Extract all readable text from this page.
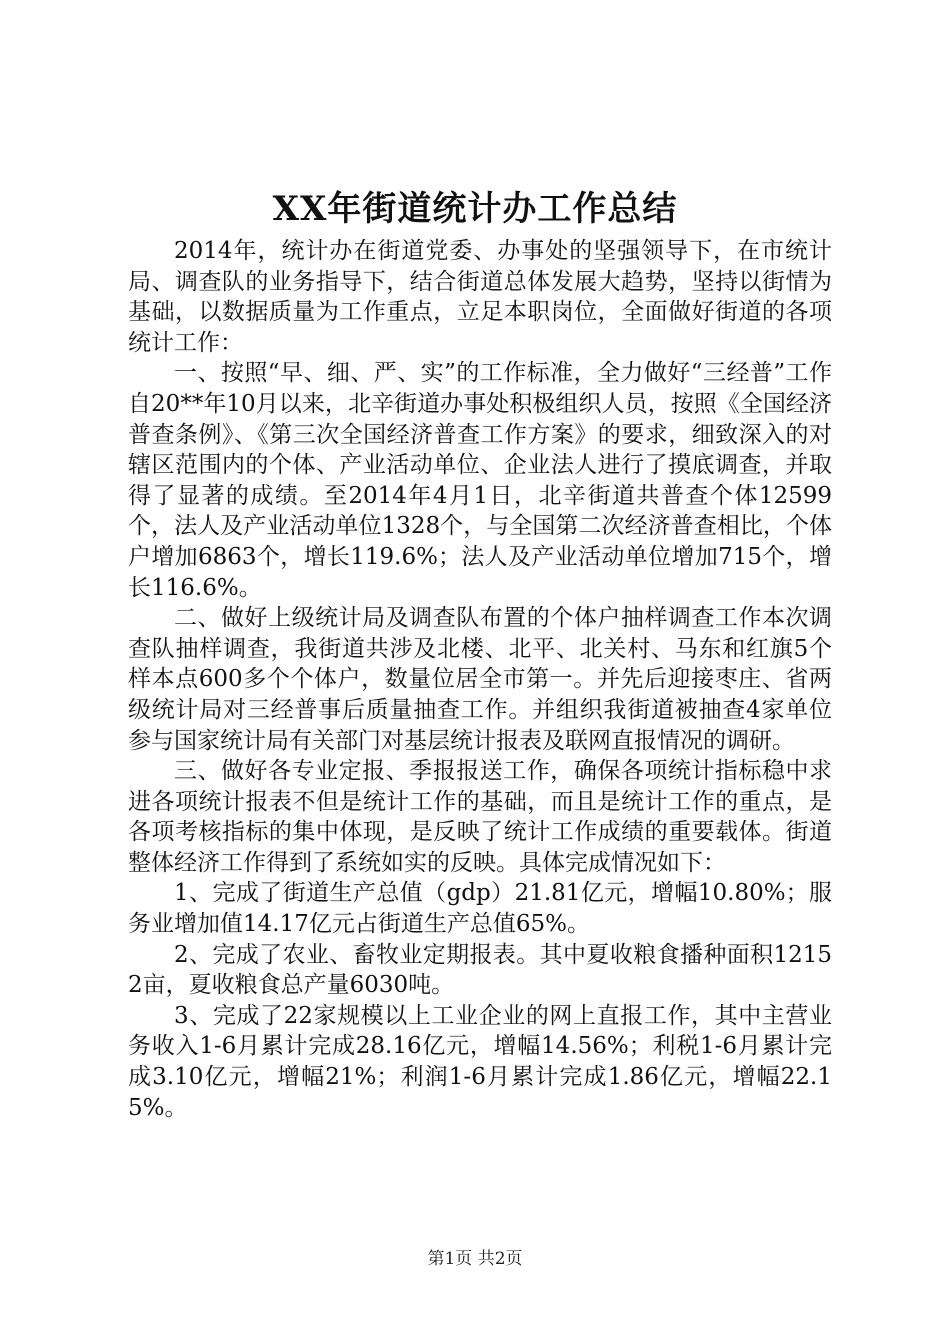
XX年街道统计办工作总结

2014年，统计办在街道党委、办事处的坚强领导下，在市统计局、调查队的业务指导下，结合街道总体发展大趋势，坚持以街情为基础，以数据质量为工作重点，立足本职岗位，全面做好街道的各项统计工作：

一、按照“早、细、严、实”的工作标准，全力做好“三经普”工作自20**年10月以来，北辛街道办事处积极组织人员，按照《全国经济普查条例》、《第三次全国经济普查工作方案》的要求，细致深入的对辖区范围内的个体、产业活动单位、企业法人进行了摸底调查，并取得了显著的成绩。至2014年4月1日，北辛街道共普查个体12599个，法人及产业活动单位1328个，与全国第二次经济普查相比，个体户增加6863个，增长119.6%；法人及产业活动单位增加715个，增长116.6%。

二、做好上级统计局及调查队布置的个体户抽样调查工作本次调查队抽样调查，我街道共涉及北楼、北平、北关村、马东和红旗5个样本点600多个个体户，数量位居全市第一。并先后迎接枣庄、省两级统计局对三经普事后质量抽查工作。并组织我街道被抽查4家单位参与国家统计局有关部门对基层统计报表及联网直报情况的调研。

三、做好各专业定报、季报报送工作，确保各项统计指标稳中求进各项统计报表不但是统计工作的基础，而且是统计工作的重点，是各项考核指标的集中体现，是反映了统计工作成绩的重要载体。街道整体经济工作得到了系统如实的反映。具体完成情况如下：

1、完成了街道生产总值（gdp）21.81亿元，增幅10.80%；服务业增加值14.17亿元占街道生产总值65%。

2、完成了农业、畜牧业定期报表。其中夏收粮食播种面积12152亩，夏收粮食总产量6030吨。

3、完成了22家规模以上工业企业的网上直报工作，其中主营业务收入1-6月累计完成28.16亿元，增幅14.56%；利税1-6月累计完成3.10亿元，增幅21%；利润1-6月累计完成1.86亿元，增幅22.15%。

第1页 共2页
